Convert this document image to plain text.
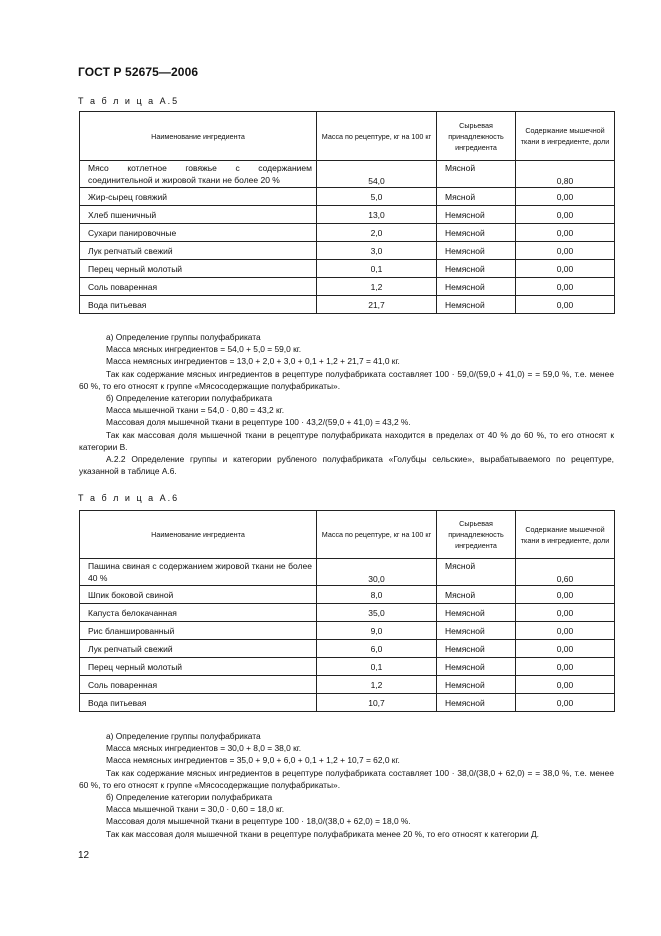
ГОСТ Р 52675—2006
Т а б л и ц а А.5
Наименование ингредиента	Масса по рецептуре, кг на 100 кг	Сырьевая принадлежность ингредиента	Содержание мышечной ткани в ингредиенте, доли
Мясо котлетное говяжье с содержанием соединительной и жировой ткани не более 20 %	54,0	Мясной	0,80
Жир-сырец говяжий	5,0	Мясной	0,00
Хлеб пшеничный	13,0	Немясной	0,00
Сухари панировочные	2,0	Немясной	0,00
Лук репчатый свежий	3,0	Немясной	0,00
Перец черный молотый	0,1	Немясной	0,00
Соль поваренная	1,2	Немясной	0,00
Вода питьевая	21,7	Немясной	0,00

а) Определение группы полуфабриката

Масса мясных ингредиентов = 54,0 + 5,0 = 59,0 кг.

Масса немясных ингредиентов = 13,0 + 2,0 + 3,0 + 0,1 + 1,2 + 21,7 = 41,0 кг.

Так как содержание мясных ингредиентов в рецептуре полуфабриката составляет 100 · 59,0/(59,0 + 41,0) = = 59,0 %, т.е. менее 60 %, то его относят к группе «Мясосодержащие полуфабрикаты».

б) Определение категории полуфабриката

Масса мышечной ткани = 54,0 · 0,80 = 43,2 кг.

Массовая доля мышечной ткани в рецептуре 100 · 43,2/(59,0 + 41,0) = 43,2 %.

Так как массовая доля мышечной ткани в рецептуре полуфабриката находится в пределах от 40 % до 60 %, то его относят к категории В.

А.2.2 Определение группы и категории рубленого полуфабриката «Голубцы сельские», вырабатываемого по рецептуре, указанной в таблице А.6.

Т а б л и ц а А.6
Наименование ингредиента	Масса по рецептуре, кг на 100 кг	Сырьевая принадлежность ингредиента	Содержание мышечной ткани в ингредиенте, доли
Пашина свиная с содержанием жировой ткани не более 40 %	30,0	Мясной	0,60
Шпик боковой свиной	8,0	Мясной	0,00
Капуста белокачанная	35,0	Немясной	0,00
Рис бланшированный	9,0	Немясной	0,00
Лук репчатый свежий	6,0	Немясной	0,00
Перец черный молотый	0,1	Немясной	0,00
Соль поваренная	1,2	Немясной	0,00
Вода питьевая	10,7	Немясной	0,00

а) Определение группы полуфабриката

Масса мясных ингредиентов = 30,0 + 8,0 = 38,0 кг.

Масса немясных ингредиентов = 35,0 + 9,0 + 6,0 + 0,1 + 1,2 + 10,7 = 62,0 кг.

Так как содержание мясных ингредиентов в рецептуре полуфабриката составляет 100 · 38,0/(38,0 + 62,0) = = 38,0 %, т.е. менее 60 %, то его относят к группе «Мясосодержащие полуфабрикаты».

б) Определение категории полуфабриката

Масса мышечной ткани = 30,0 · 0,60 = 18,0 кг.

Массовая доля мышечной ткани в рецептуре 100 · 18,0/(38,0 + 62,0) = 18,0 %.

Так как массовая доля мышечной ткани в рецептуре полуфабриката менее 20 %, то его относят к категории Д.

12
